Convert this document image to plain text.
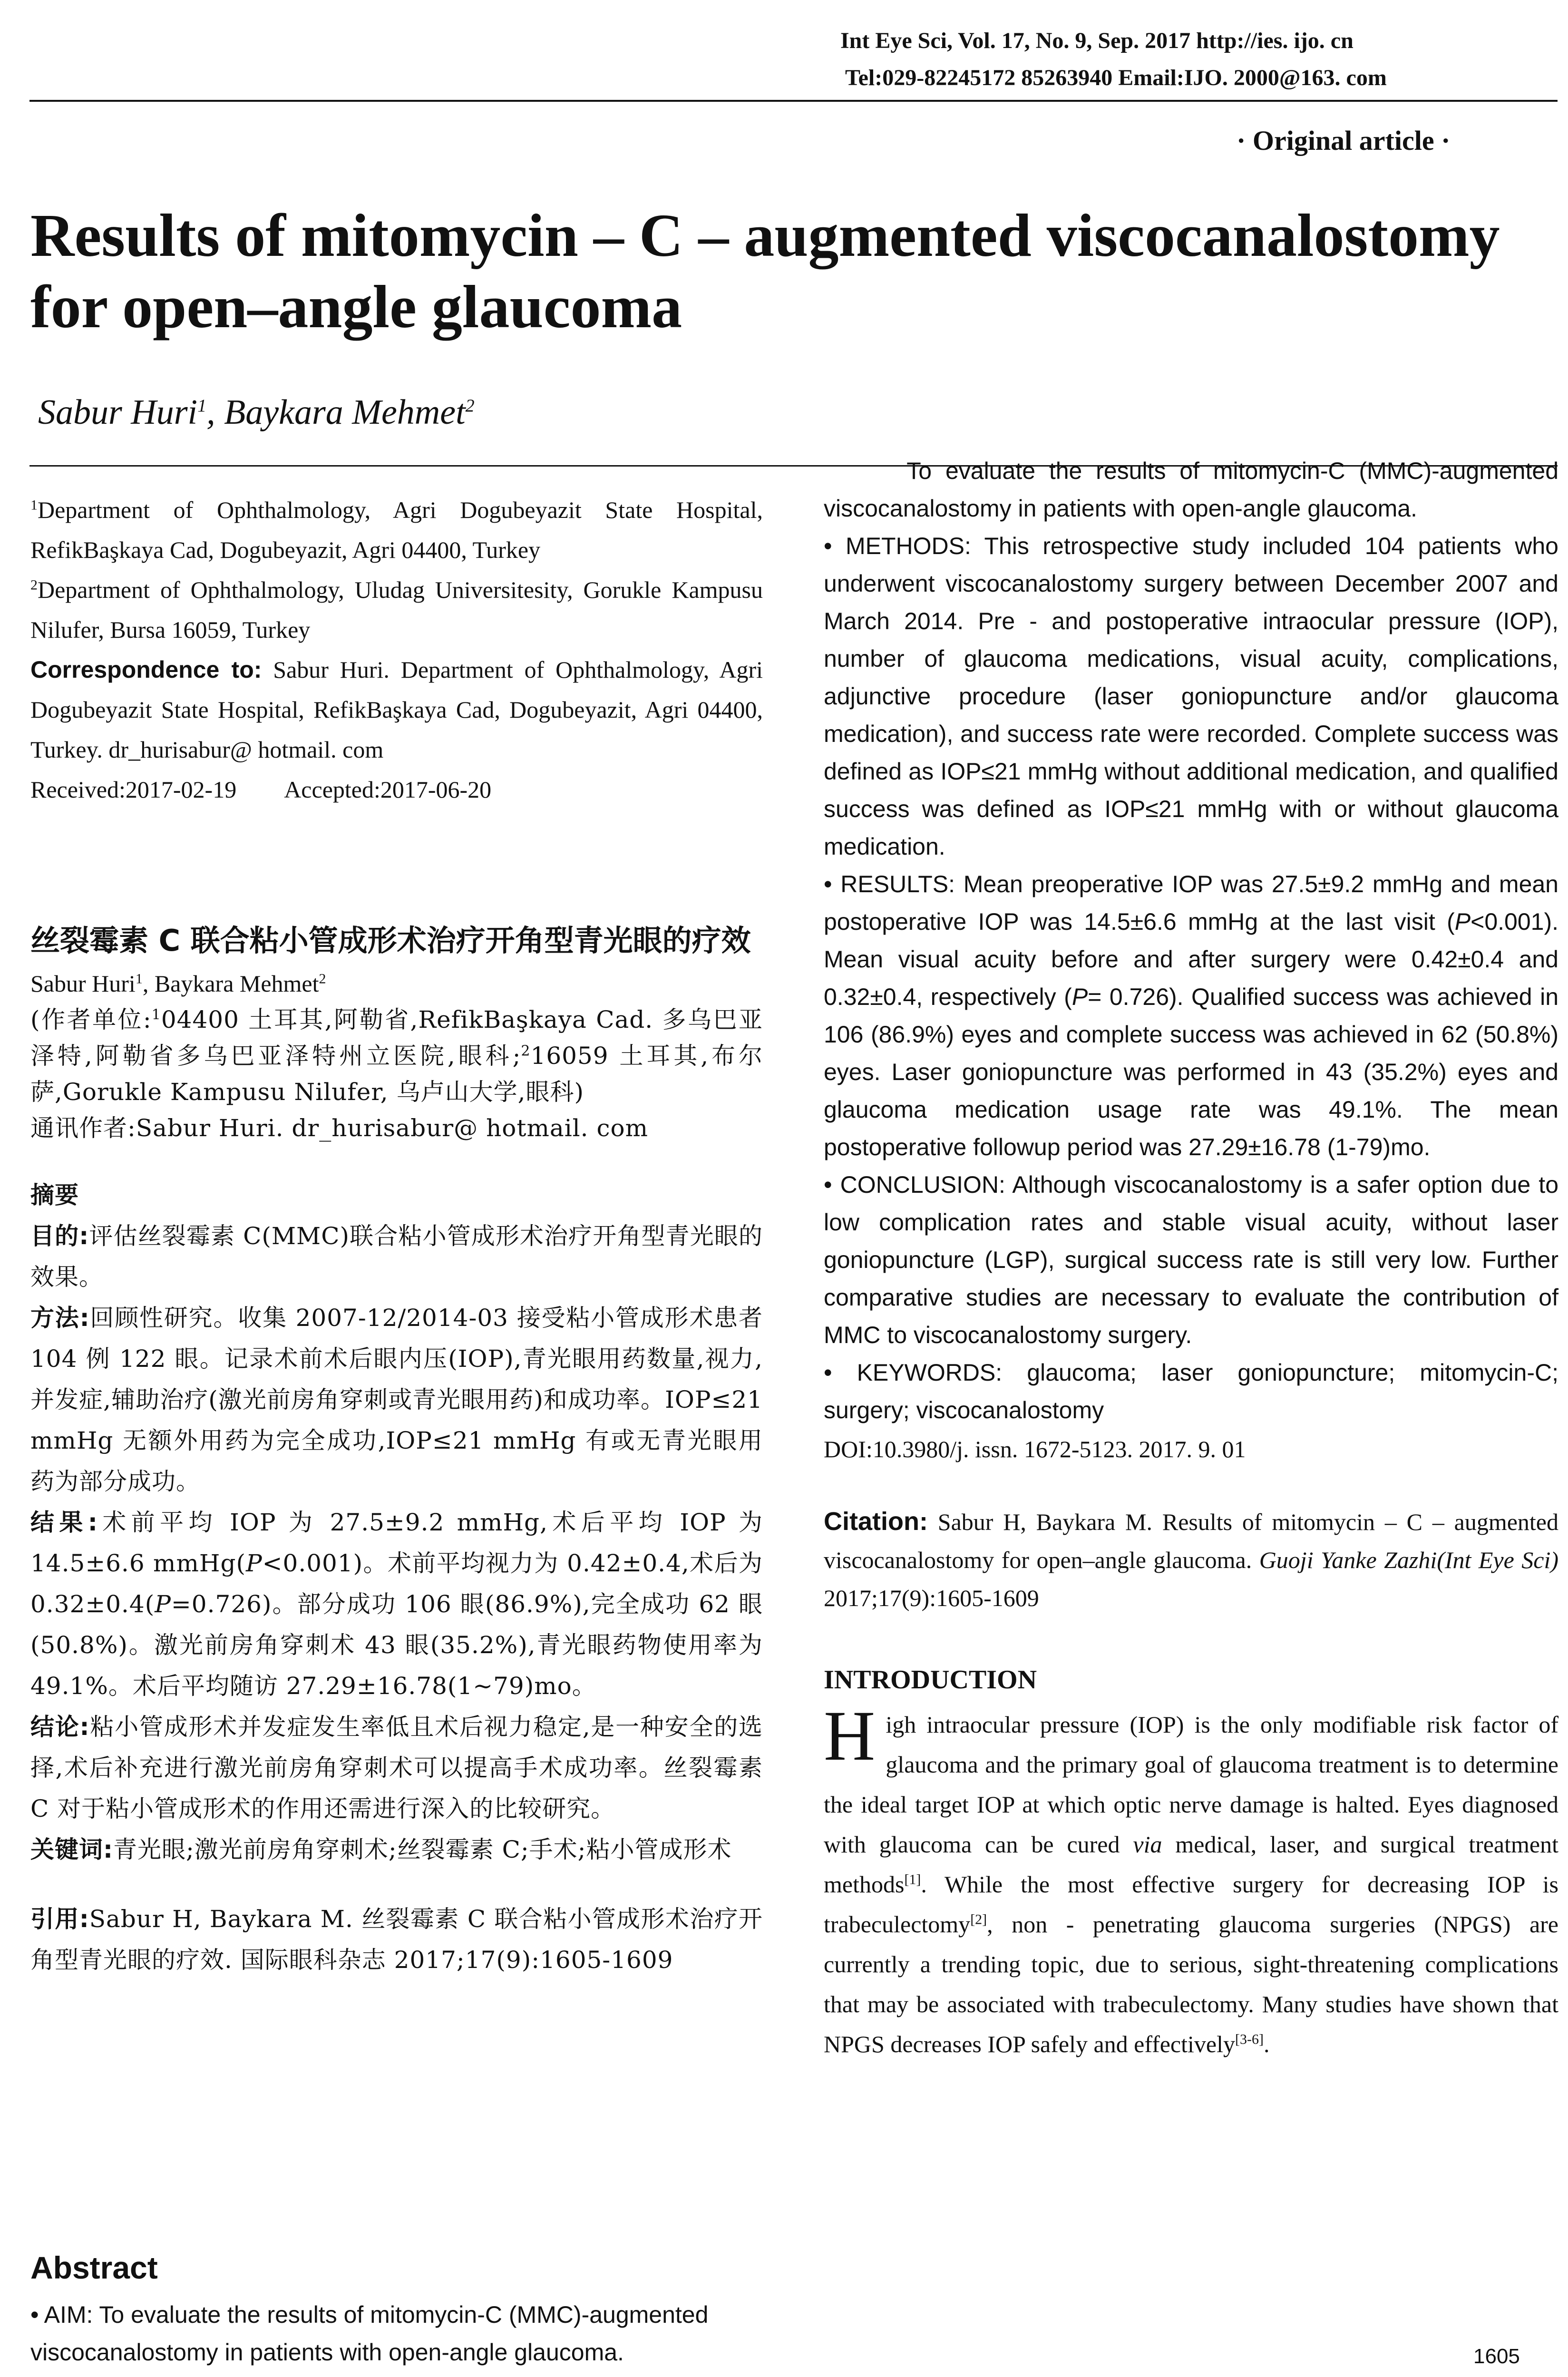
Int Eye Sci, Vol. 17, No. 9, Sep. 2017 http://ies. ijo. cn
Tel:029-82245172 85263940 Email:IJO. 2000@163. com
· Original article ·
Results of mitomycin – C – augmented viscocanalostomy for open–angle glaucoma
Sabur Huri$^1$, Baykara Mehmet$^2$

$^1$Department of Ophthalmology, Agri Dogubeyazit State Hospital, RefikBaşkaya Cad, Dogubeyazit, Agri 04400, Turkey

$^2$Department of Ophthalmology, Uludag Universitesity, Gorukle Kampusu Nilufer, Bursa 16059, Turkey

Correspondence to: Sabur Huri. Department of Ophthalmology, Agri Dogubeyazit State Hospital, RefikBaşkaya Cad, Dogubeyazit, Agri 04400, Turkey. dr_hurisabur@ hotmail. com

Received:2017-02-19 Accepted:2017-06-20

丝裂霉素 C 联合粘小管成形术治疗开角型青光眼的疗效

Sabur Huri$^1$, Baykara Mehmet$^2$

(作者单位:$^1$04400 土耳其,阿勒省,RefikBaşkaya Cad. 多乌巴亚泽特,阿勒省多乌巴亚泽特州立医院,眼科;$^2$16059 土耳其,布尔萨,Gorukle Kampusu Nilufer, 乌卢山大学,眼科)

通讯作者:Sabur Huri. dr_hurisabur@ hotmail. com

摘要

目的:评估丝裂霉素 C(MMC)联合粘小管成形术治疗开角型青光眼的效果。

方法:回顾性研究。收集 2007-12/2014-03 接受粘小管成形术患者 104 例 122 眼。记录术前术后眼内压(IOP),青光眼用药数量,视力,并发症,辅助治疗(激光前房角穿刺或青光眼用药)和成功率。IOP≤21 mmHg 无额外用药为完全成功,IOP≤21 mmHg 有或无青光眼用药为部分成功。

结果:术前平均 IOP 为 27.5±9.2 mmHg,术后平均 IOP 为 14.5±6.6 mmHg(P<0.001)。术前平均视力为 0.42±0.4,术后为 0.32±0.4(P=0.726)。部分成功 106 眼(86.9%),完全成功 62 眼(50.8%)。激光前房角穿刺术 43 眼(35.2%),青光眼药物使用率为 49.1%。术后平均随访 27.29±16.78(1~79)mo。

结论:粘小管成形术并发症发生率低且术后视力稳定,是一种安全的选择,术后补充进行激光前房角穿刺术可以提高手术成功率。丝裂霉素 C 对于粘小管成形术的作用还需进行深入的比较研究。

关键词:青光眼;激光前房角穿刺术;丝裂霉素 C;手术;粘小管成形术

引用:Sabur H, Baykara M. 丝裂霉素 C 联合粘小管成形术治疗开角型青光眼的疗效. 国际眼科杂志 2017;17(9):1605-1609

Abstract

• AIM: To evaluate the results of mitomycin-C (MMC)-augmented viscocanalostomy in patients with open-angle glaucoma.

To evaluate the results of mitomycin-C (MMC)-augmented viscocanalostomy in patients with open-angle glaucoma.

• METHODS: This retrospective study included 104 patients who underwent viscocanalostomy surgery between December 2007 and March 2014. Pre - and postoperative intraocular pressure (IOP), number of glaucoma medications, visual acuity, complications, adjunctive procedure (laser goniopuncture and/or glaucoma medication), and success rate were recorded. Complete success was defined as IOP≤21 mmHg without additional medication, and qualified success was defined as IOP≤21 mmHg with or without glaucoma medication.

• RESULTS: Mean preoperative IOP was 27.5±9.2 mmHg and mean postoperative IOP was 14.5±6.6 mmHg at the last visit (P<0.001). Mean visual acuity before and after surgery were 0.42±0.4 and 0.32±0.4, respectively (P= 0.726). Qualified success was achieved in 106 (86.9%) eyes and complete success was achieved in 62 (50.8%) eyes. Laser goniopuncture was performed in 43 (35.2%) eyes and glaucoma medication usage rate was 49.1%. The mean postoperative followup period was 27.29±16.78 (1-79)mo.

• CONCLUSION: Although viscocanalostomy is a safer option due to low complication rates and stable visual acuity, without laser goniopuncture (LGP), surgical success rate is still very low. Further comparative studies are necessary to evaluate the contribution of MMC to viscocanalostomy surgery.

• KEYWORDS: glaucoma; laser goniopuncture; mitomycin-C; surgery; viscocanalostomy

DOI:10.3980/j. issn. 1672-5123. 2017. 9. 01

Citation: Sabur H, Baykara M. Results of mitomycin – C – augmented viscocanalostomy for open–angle glaucoma. Guoji Yanke Zazhi(Int Eye Sci) 2017;17(9):1605-1609

INTRODUCTION

High intraocular pressure (IOP) is the only modifiable risk factor of glaucoma and the primary goal of glaucoma treatment is to determine the ideal target IOP at which optic nerve damage is halted. Eyes diagnosed with glaucoma can be cured via medical, laser, and surgical treatment methods[1]. While the most effective surgery for decreasing IOP is trabeculectomy[2], non - penetrating glaucoma surgeries (NPGS) are currently a trending topic, due to serious, sight-threatening complications that may be associated with trabeculectomy. Many studies have shown that NPGS decreases IOP safely and effectively[3-6].

1605
